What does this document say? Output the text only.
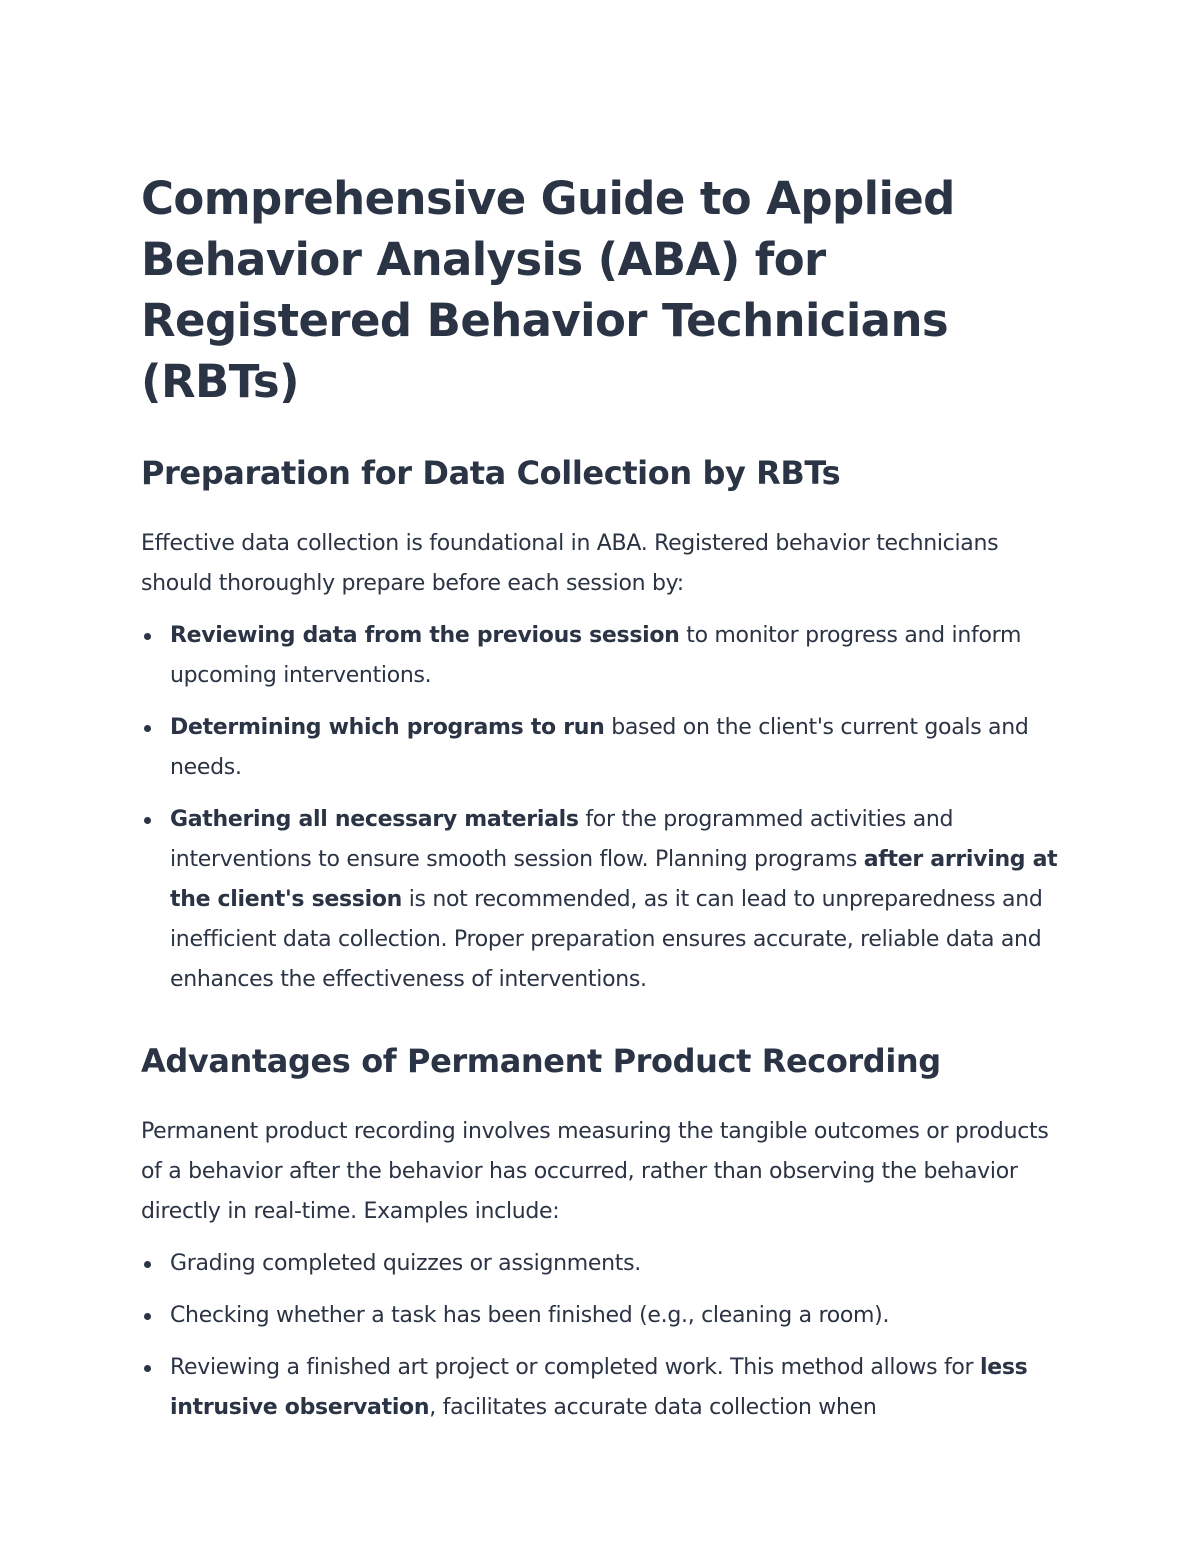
Comprehensive Guide to Applied Behavior Analysis (ABA) for Registered Behavior Technicians (RBTs)
Preparation for Data Collection by RBTs

Effective data collection is foundational in ABA. Registered behavior technicians should thoroughly prepare before each session by:

Reviewing data from the previous session to monitor progress and inform upcoming interventions.
Determining which programs to run based on the client's current goals and needs.
Gathering all necessary materials for the programmed activities and interventions to ensure smooth session flow. Planning programs after arriving at the client's session is not recommended, as it can lead to unpreparedness and inefficient data collection. Proper preparation ensures accurate, reliable data and enhances the effectiveness of interventions.
Advantages of Permanent Product Recording

Permanent product recording involves measuring the tangible outcomes or products of a behavior after the behavior has occurred, rather than observing the behavior directly in real-time. Examples include:

Grading completed quizzes or assignments.
Checking whether a task has been finished (e.g., cleaning a room).
Reviewing a finished art project or completed work. This method allows for less intrusive observation, facilitates accurate data collection when
